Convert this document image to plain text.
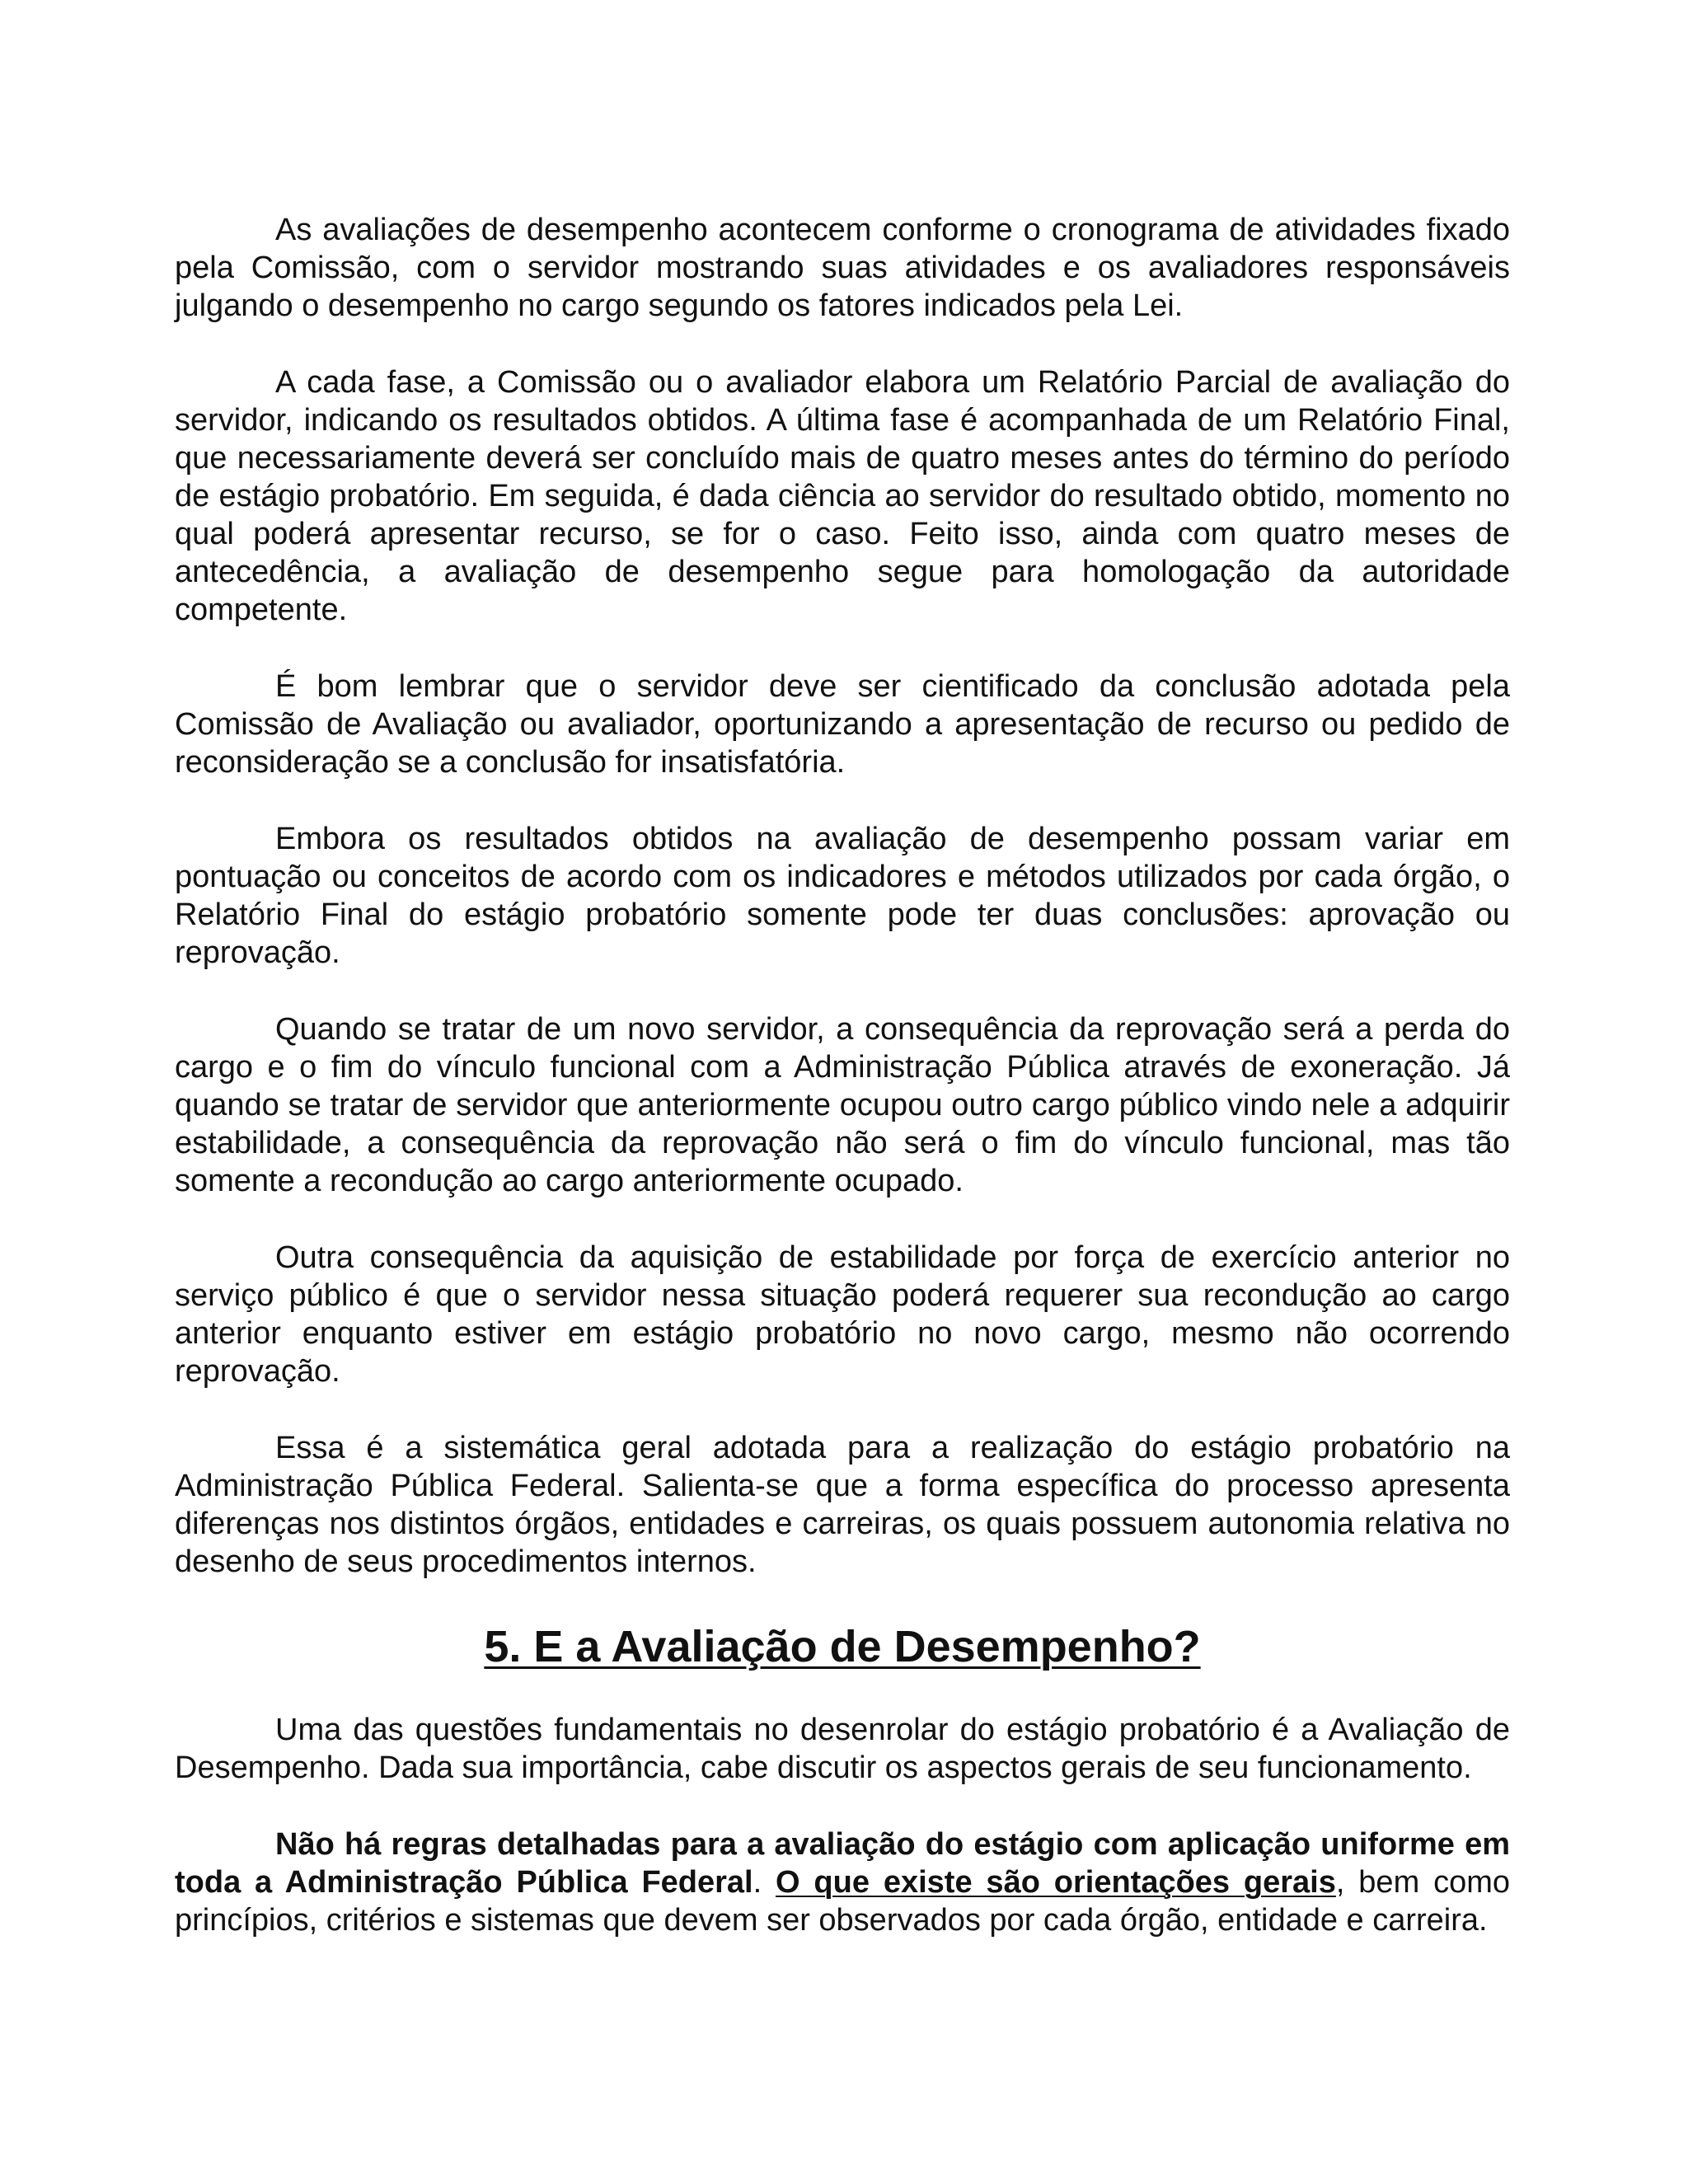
As avaliações de desempenho acontecem conforme o cronograma de atividades fixado pela Comissão, com o servidor mostrando suas atividades e os avaliadores responsáveis julgando o desempenho no cargo segundo os fatores indicados pela Lei.

A cada fase, a Comissão ou o avaliador elabora um Relatório Parcial de avaliação do servidor, indicando os resultados obtidos. A última fase é acompanhada de um Relatório Final, que necessariamente deverá ser concluído mais de quatro meses antes do término do período de estágio probatório. Em seguida, é dada ciência ao servidor do resultado obtido, momento no qual poderá apresentar recurso, se for o caso. Feito isso, ainda com quatro meses de antecedência, a avaliação de desempenho segue para homologação da autoridade competente.

É bom lembrar que o servidor deve ser cientificado da conclusão adotada pela Comissão de Avaliação ou avaliador, oportunizando a apresentação de recurso ou pedido de reconsideração se a conclusão for insatisfatória.

Embora os resultados obtidos na avaliação de desempenho possam variar em pontuação ou conceitos de acordo com os indicadores e métodos utilizados por cada órgão, o Relatório Final do estágio probatório somente pode ter duas conclusões: aprovação ou reprovação.

Quando se tratar de um novo servidor, a consequência da reprovação será a perda do cargo e o fim do vínculo funcional com a Administração Pública através de exoneração. Já quando se tratar de servidor que anteriormente ocupou outro cargo público vindo nele a adquirir estabilidade, a consequência da reprovação não será o fim do vínculo funcional, mas tão somente a recondução ao cargo anteriormente ocupado.

Outra consequência da aquisição de estabilidade por força de exercício anterior no serviço público é que o servidor nessa situação poderá requerer sua recondução ao cargo anterior enquanto estiver em estágio probatório no novo cargo, mesmo não ocorrendo reprovação.

Essa é a sistemática geral adotada para a realização do estágio probatório na Administração Pública Federal. Salienta-se que a forma específica do processo apresenta diferenças nos distintos órgãos, entidades e carreiras, os quais possuem autonomia relativa no desenho de seus procedimentos internos.

5. E a Avaliação de Desempenho?

Uma das questões fundamentais no desenrolar do estágio probatório é a Avaliação de Desempenho. Dada sua importância, cabe discutir os aspectos gerais de seu funcionamento.

Não há regras detalhadas para a avaliação do estágio com aplicação uniforme em toda a Administração Pública Federal. O que existe são orientações gerais, bem como princípios, critérios e sistemas que devem ser observados por cada órgão, entidade e carreira.
